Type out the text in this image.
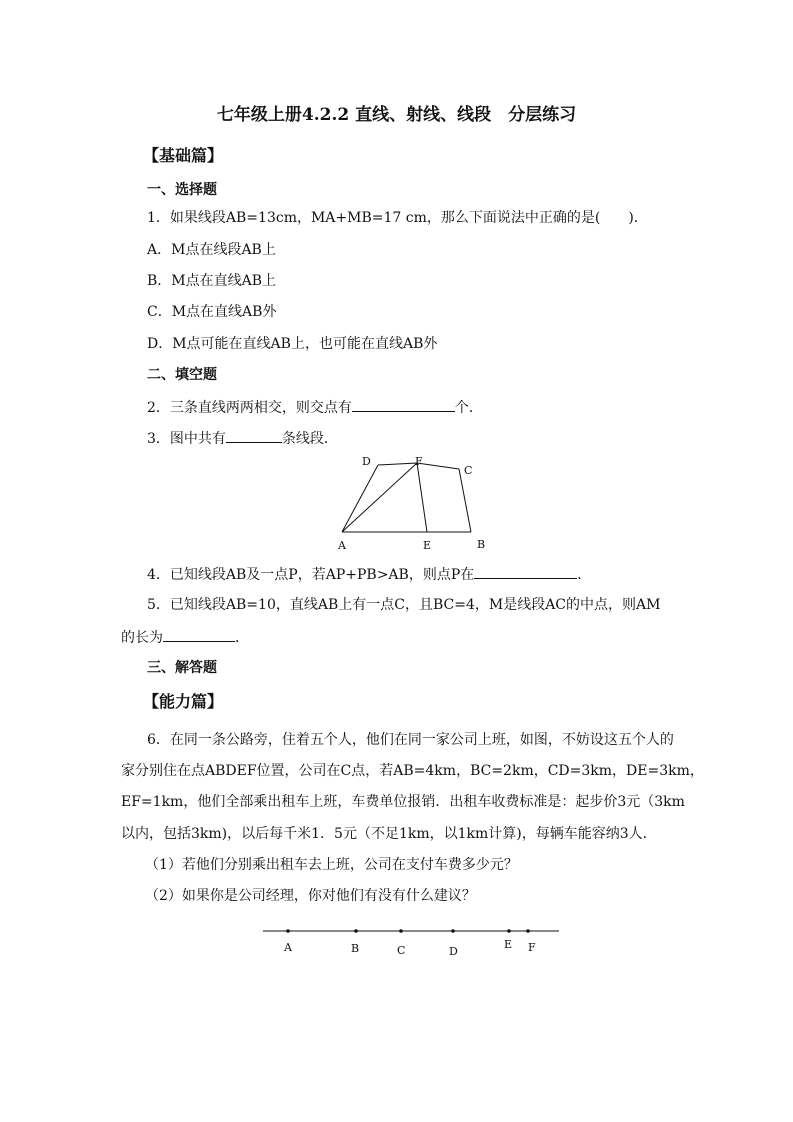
七年级上册4.2.2 直线、射线、线段　分层练习
【基础篇】
一、选择题
1．如果线段AB=13cm，MA+MB=17 cm，那么下面说法中正确的是(　　)．
A．M点在线段AB上
B．M点在直线AB上
C．M点在直线AB外
D．M点可能在直线AB上，也可能在直线AB外
二、填空题
2．三条直线两两相交，则交点有	个．
3．图中共有	条线段．
D	F
C
A	E	B
4．已知线段AB及一点P，若AP+PB>AB，则点P在	．
5．已知线段AB=10，直线AB上有一点C，且BC=4，M是线段AC的中点，则AM
的长为	．
三、解答题
【能力篇】
6．在同一条公路旁，住着五个人，他们在同一家公司上班，如图，不妨设这五个人的
家分别住在点ABDEF位置，公司在C点，若AB=4km，BC=2km，CD=3km，DE=3km，
EF=1km，他们全部乘出租车上班，车费单位报销．出租车收费标准是：起步价3元（3km
以内，包括3km)，以后每千米1．5元（不足1km，以1km计算)，每辆车能容纳3人．
（1）若他们分别乘出租车去上班，公司在支付车费多少元？
（2）如果你是公司经理，你对他们有没有什么建议？
A	B	C	D
E F
